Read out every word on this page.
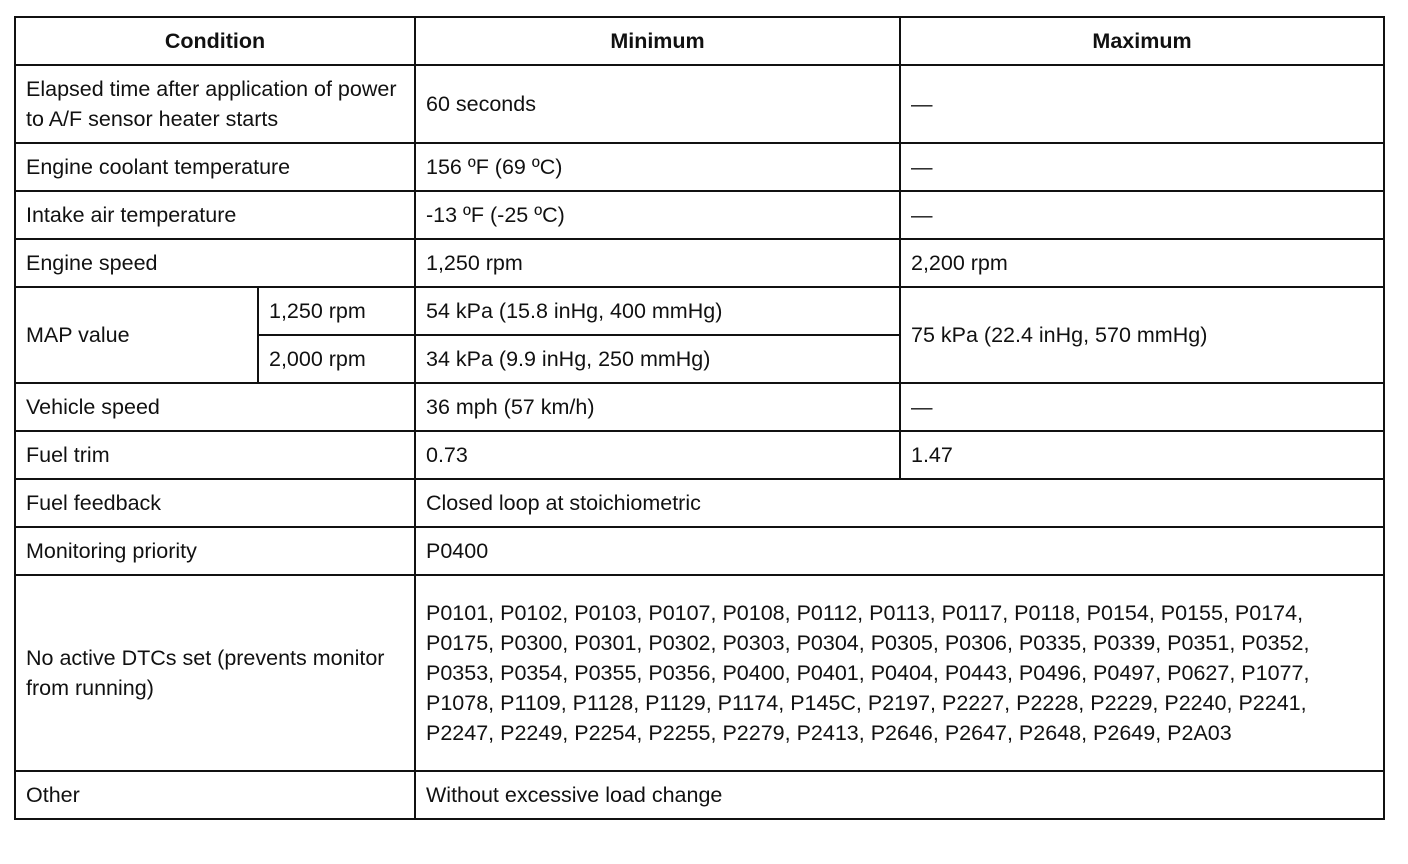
Condition		Minimum	Maximum
Elapsed time after application of power to A/F sensor heater starts		60 seconds	—
Engine coolant temperature		156 ºF (69 ºC)	—
Intake air temperature		-13 ºF (-25 ºC)	—
Engine speed		1,250 rpm	2,200 rpm
MAP value	1,250 rpm	54 kPa (15.8 inHg, 400 mmHg)	75 kPa (22.4 inHg, 570 mmHg)
	2,000 rpm	34 kPa (9.9 inHg, 250 mmHg)	
Vehicle speed		36 mph (57 km/h)	—
Fuel trim		0.73	1.47
Fuel feedback		Closed loop at stoichiometric	
Monitoring priority		P0400	
No active DTCs set (prevents monitor from running)		P0101, P0102, P0103, P0107, P0108, P0112, P0113, P0117, P0118, P0154, P0155, P0174, P0175, P0300, P0301, P0302, P0303, P0304, P0305, P0306, P0335, P0339, P0351, P0352, P0353, P0354, P0355, P0356, P0400, P0401, P0404, P0443, P0496, P0497, P0627, P1077, P1078, P1109, P1128, P1129, P1174, P145C, P2197, P2227, P2228, P2229, P2240, P2241, P2247, P2249, P2254, P2255, P2279, P2413, P2646, P2647, P2648, P2649, P2A03	
Other		Without excessive load change	
